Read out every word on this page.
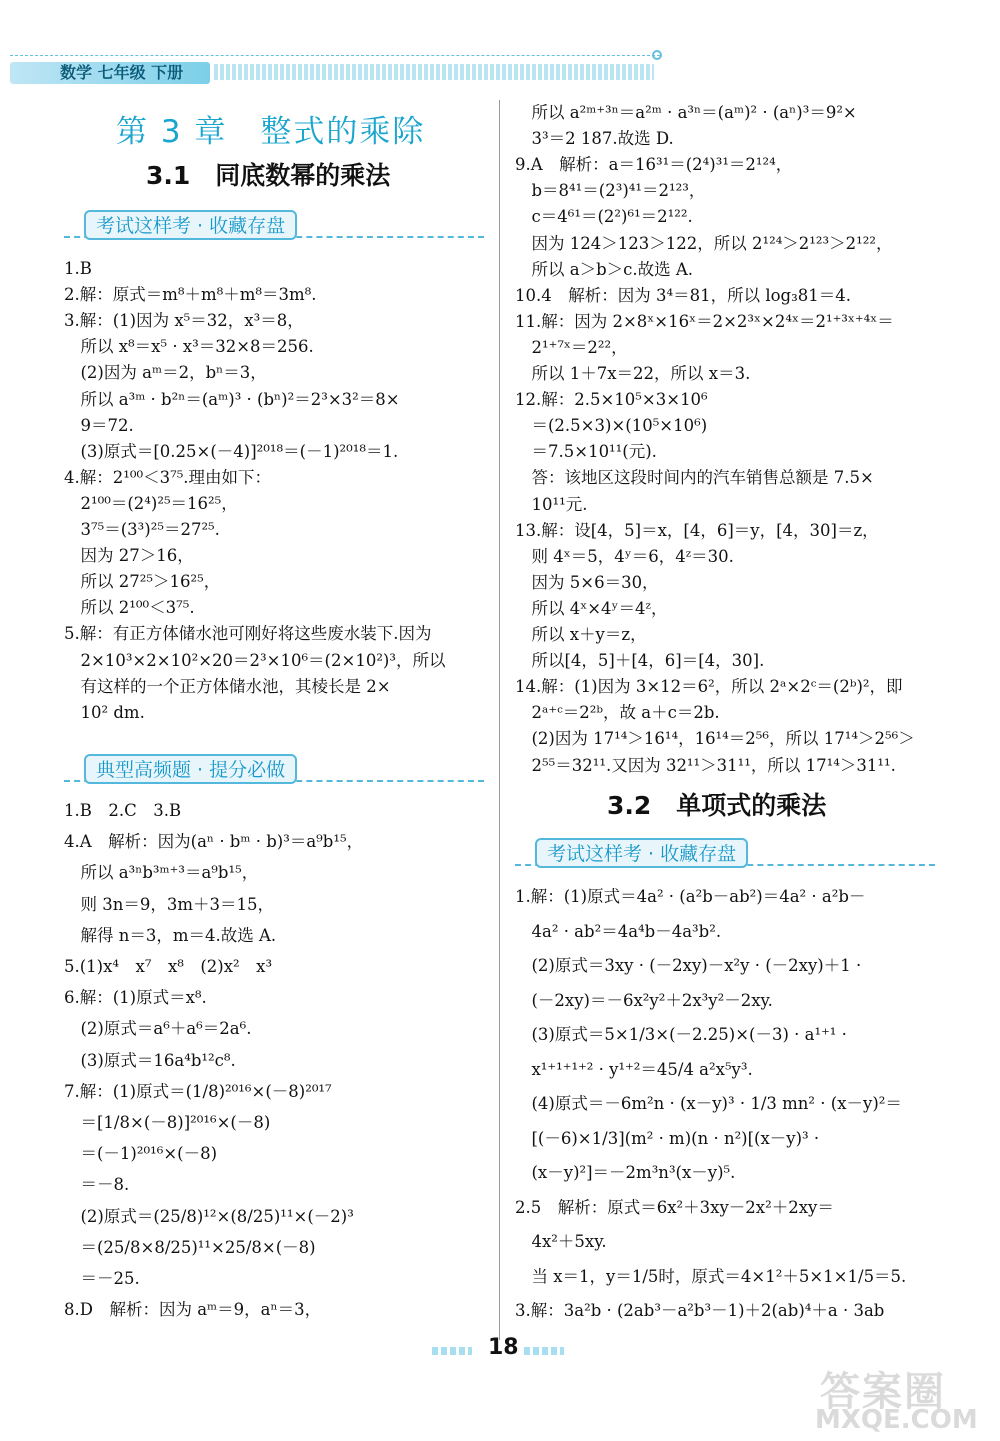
数学 七年级 下册
第 3 章　整式的乘除
3.1　同底数幂的乘法
考试这样考 · 收藏存盘
1.B
2.解：原式＝m⁸＋m⁸＋m⁸＝3m⁸.
3.解：(1)因为 x⁵＝32，x³＝8，
　所以 x⁸＝x⁵ · x³＝32×8＝256.
　(2)因为 aᵐ＝2，bⁿ＝3，
　所以 a³ᵐ · b²ⁿ＝(aᵐ)³ · (bⁿ)²＝2³×3²＝8×
　9＝72.
　(3)原式＝[0.25×(－4)]²⁰¹⁸＝(－1)²⁰¹⁸＝1.
4.解：2¹⁰⁰＜3⁷⁵.理由如下：
　2¹⁰⁰＝(2⁴)²⁵＝16²⁵，
　3⁷⁵＝(3³)²⁵＝27²⁵.
　因为 27＞16，
　所以 27²⁵＞16²⁵，
　所以 2¹⁰⁰＜3⁷⁵.
5.解：有正方体储水池可刚好将这些废水装下.因为
　2×10³×2×10²×20＝2³×10⁶＝(2×10²)³，所以
　有这样的一个正方体储水池，其棱长是 2×
　10² dm.
典型高频题 · 提分必做
1.B　2.C　3.B
4.A　解析：因为(aⁿ · bᵐ · b)³＝a⁹b¹⁵，
　所以 a³ⁿb³ᵐ⁺³＝a⁹b¹⁵，
　则 3n＝9，3m＋3＝15，
　解得 n＝3，m＝4.故选 A.
5.(1)x⁴　x⁷　x⁸　(2)x²　x³
6.解：(1)原式＝x⁸.
　(2)原式＝a⁶＋a⁶＝2a⁶.
　(3)原式＝16a⁴b¹²c⁸.
7.解：(1)原式＝(1/8)²⁰¹⁶×(－8)²⁰¹⁷
　＝[1/8×(－8)]²⁰¹⁶×(－8)
　＝(－1)²⁰¹⁶×(－8)
　＝－8.
　(2)原式＝(25/8)¹²×(8/25)¹¹×(－2)³
　＝(25/8×8/25)¹¹×25/8×(－8)
　＝－25.
8.D　解析：因为 aᵐ＝9，aⁿ＝3，
　所以 a²ᵐ⁺³ⁿ＝a²ᵐ · a³ⁿ＝(aᵐ)² · (aⁿ)³＝9²×
　3³＝2 187.故选 D.
9.A　解析：a＝16³¹＝(2⁴)³¹＝2¹²⁴，
　b＝8⁴¹＝(2³)⁴¹＝2¹²³，
　c＝4⁶¹＝(2²)⁶¹＝2¹²².
　因为 124＞123＞122，所以 2¹²⁴＞2¹²³＞2¹²²，
　所以 a＞b＞c.故选 A.
10.4　解析：因为 3⁴＝81，所以 log₃81＝4.
11.解：因为 2×8ˣ×16ˣ＝2×2³ˣ×2⁴ˣ＝2¹⁺³ˣ⁺⁴ˣ＝
　2¹⁺⁷ˣ＝2²²，
　所以 1＋7x＝22，所以 x＝3.
12.解：2.5×10⁵×3×10⁶
　＝(2.5×3)×(10⁵×10⁶)
　＝7.5×10¹¹(元).
　答：该地区这段时间内的汽车销售总额是 7.5×
　10¹¹元.
13.解：设[4，5]＝x，[4，6]＝y，[4，30]＝z，
　则 4ˣ＝5，4ʸ＝6，4ᶻ＝30.
　因为 5×6＝30，
　所以 4ˣ×4ʸ＝4ᶻ，
　所以 x＋y＝z，
　所以[4，5]＋[4，6]＝[4，30].
14.解：(1)因为 3×12＝6²，所以 2ᵃ×2ᶜ＝(2ᵇ)²，即
　2ᵃ⁺ᶜ＝2²ᵇ，故 a＋c＝2b.
　(2)因为 17¹⁴＞16¹⁴，16¹⁴＝2⁵⁶，所以 17¹⁴＞2⁵⁶＞
　2⁵⁵＝32¹¹.又因为 32¹¹＞31¹¹，所以 17¹⁴＞31¹¹.
3.2　单项式的乘法
考试这样考 · 收藏存盘
1.解：(1)原式＝4a² · (a²b－ab²)＝4a² · a²b－
　4a² · ab²＝4a⁴b－4a³b².
　(2)原式＝3xy · (－2xy)－x²y · (－2xy)＋1 ·
　(－2xy)＝－6x²y²＋2x³y²－2xy.
　(3)原式＝5×1/3×(－2.25)×(－3) · a¹⁺¹ ·
　x¹⁺¹⁺¹⁺² · y¹⁺²＝45/4 a²x⁵y³.
　(4)原式＝－6m²n · (x－y)³ · 1/3 mn² · (x－y)²＝
　[(－6)×1/3](m² · m)(n · n²)[(x－y)³ ·
　(x－y)²]＝－2m³n³(x－y)⁵.
2.5　解析：原式＝6x²＋3xy－2x²＋2xy＝
　4x²＋5xy.
　当 x＝1，y＝1/5时，原式＝4×1²＋5×1×1/5＝5.
3.解：3a²b · (2ab³－a²b³－1)＋2(ab)⁴＋a · 3ab
18
答案圈
MXQE.COM
